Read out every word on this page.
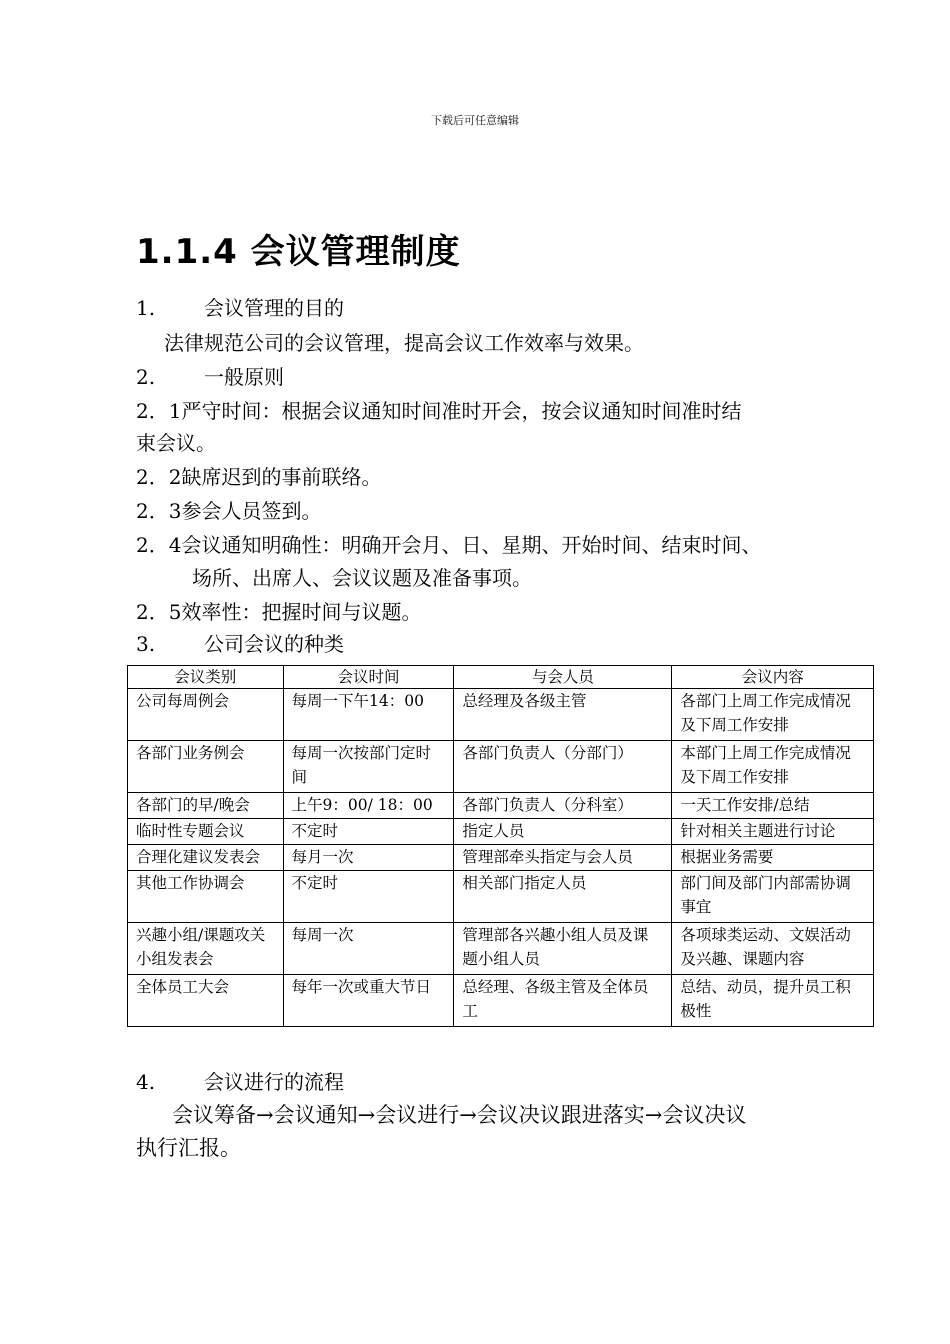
下载后可任意编辑
1.1.4 会议管理制度
1. 会议管理的目的
法律规范公司的会议管理，提高会议工作效率与效果。
2. 一般原则
2．1严守时间：根据会议通知时间准时开会，按会议通知时间准时结
束会议。
2．2缺席迟到的事前联络。
2．3参会人员签到。
2．4会议通知明确性：明确开会月、日、星期、开始时间、结束时间、
场所、出席人、会议议题及准备事项。
2．5效率性：把握时间与议题。
3. 公司会议的种类
会议类别	会议时间	与会人员	会议内容
公司每周例会	每周一下午14：00	总经理及各级主管	各部门上周工作完成情况及下周工作安排
各部门业务例会	每周一次按部门定时间	各部门负责人（分部门）	本部门上周工作完成情况及下周工作安排
各部门的早/晚会	上午9：00/ 18：00	各部门负责人（分科室）	一天工作安排/总结
临时性专题会议	不定时	指定人员	针对相关主题进行讨论
合理化建议发表会	每月一次	管理部牵头指定与会人员	根据业务需要
其他工作协调会	不定时	相关部门指定人员	部门间及部门内部需协调事宜
兴趣小组/课题攻关小组发表会	每周一次	管理部各兴趣小组人员及课题小组人员	各项球类运动、文娱活动及兴趣、课题内容
全体员工大会	每年一次或重大节日	总经理、各级主管及全体员工	总结、动员，提升员工积极性
4. 会议进行的流程
会议筹备→会议通知→会议进行→会议决议跟进落实→会议决议
执行汇报。
